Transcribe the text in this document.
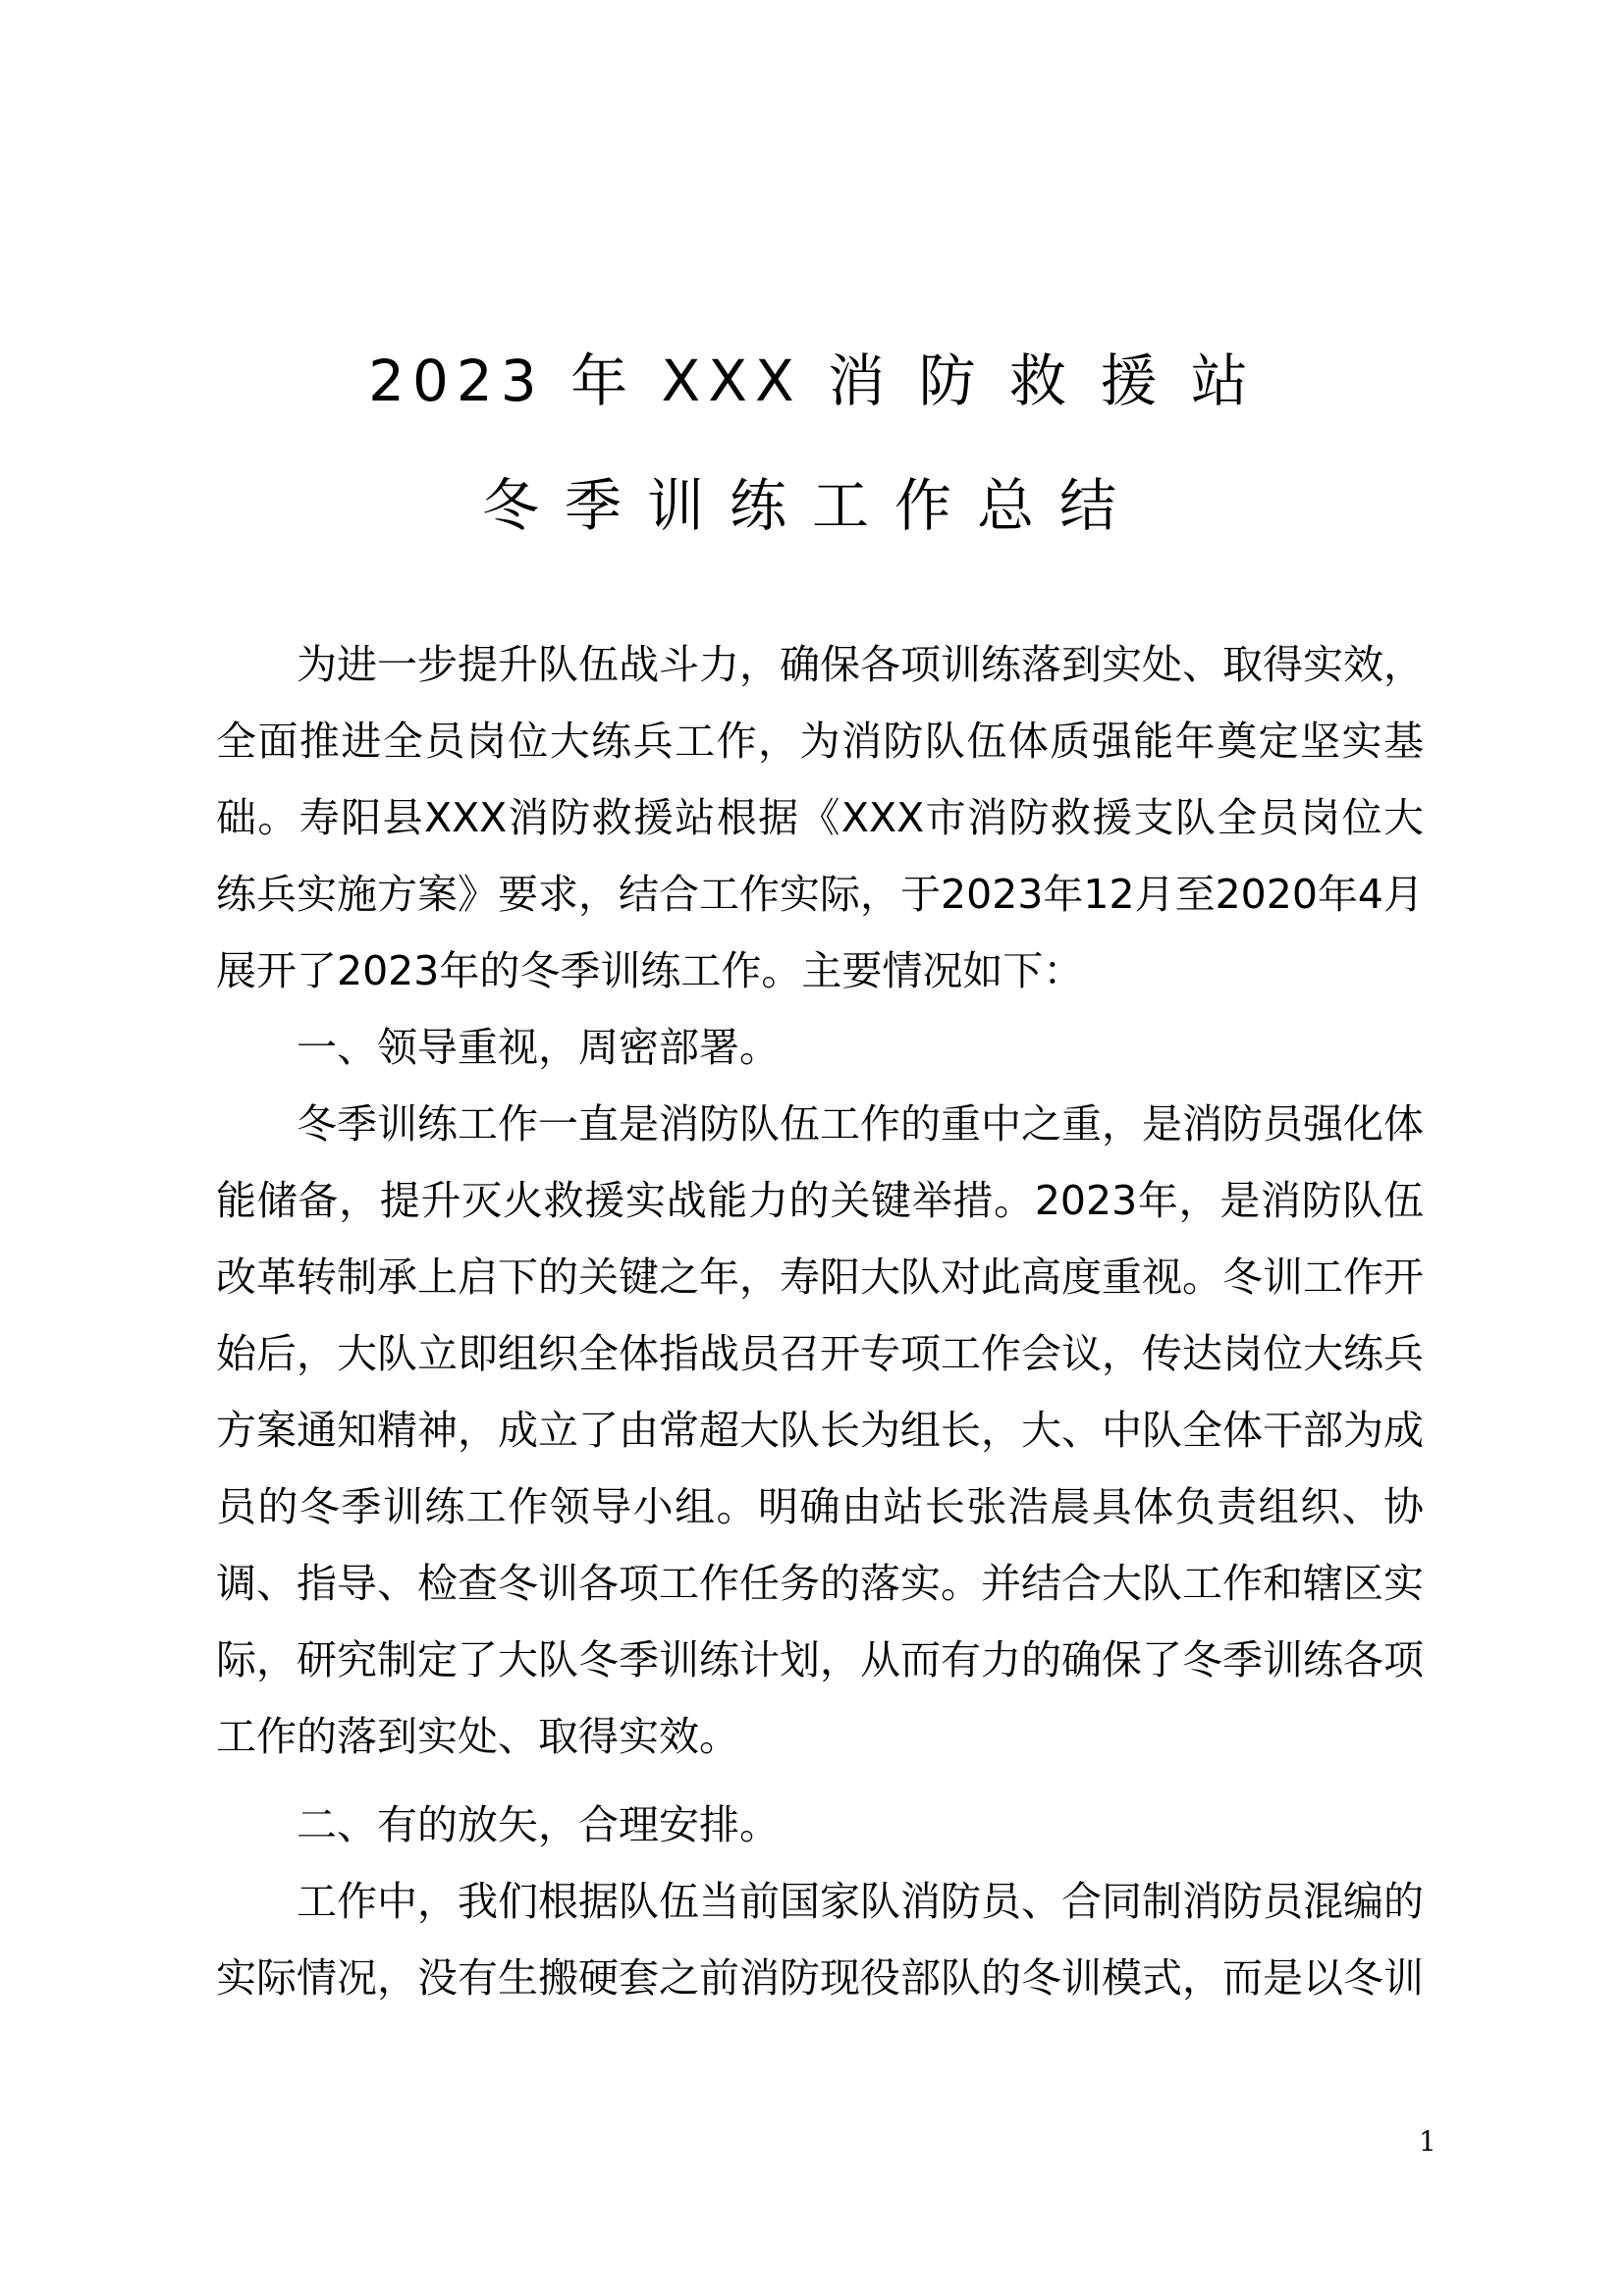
2023 年 XXX 消 防 救 援 站
冬季训练工作总结

为进一步提升队伍战斗力，确保各项训练落到实处、取得实效，全面推进全员岗位大练兵工作，为消防队伍体质强能年奠定坚实基础。寿阳县XXX消防救援站根据《XXX市消防救援支队全员岗位大练兵实施方案》要求，结合工作实际，于2023年12月至2020年4月展开了2023年的冬季训练工作。主要情况如下：

一、领导重视，周密部署。

冬季训练工作一直是消防队伍工作的重中之重，是消防员强化体能储备，提升灭火救援实战能力的关键举措。2023年，是消防队伍改革转制承上启下的关键之年，寿阳大队对此高度重视。冬训工作开始后，大队立即组织全体指战员召开专项工作会议，传达岗位大练兵方案通知精神，成立了由常超大队长为组长，大、中队全体干部为成员的冬季训练工作领导小组。明确由站长张浩晨具体负责组织、协调、指导、检查冬训各项工作任务的落实。并结合大队工作和辖区实际，研究制定了大队冬季训练计划，从而有力的确保了冬季训练各项工作的落到实处、取得实效。

二、有的放矢，合理安排。

工作中，我们根据队伍当前国家队消防员、合同制消防员混编的实际情况，没有生搬硬套之前消防现役部队的冬训模式，而是以冬训

1
